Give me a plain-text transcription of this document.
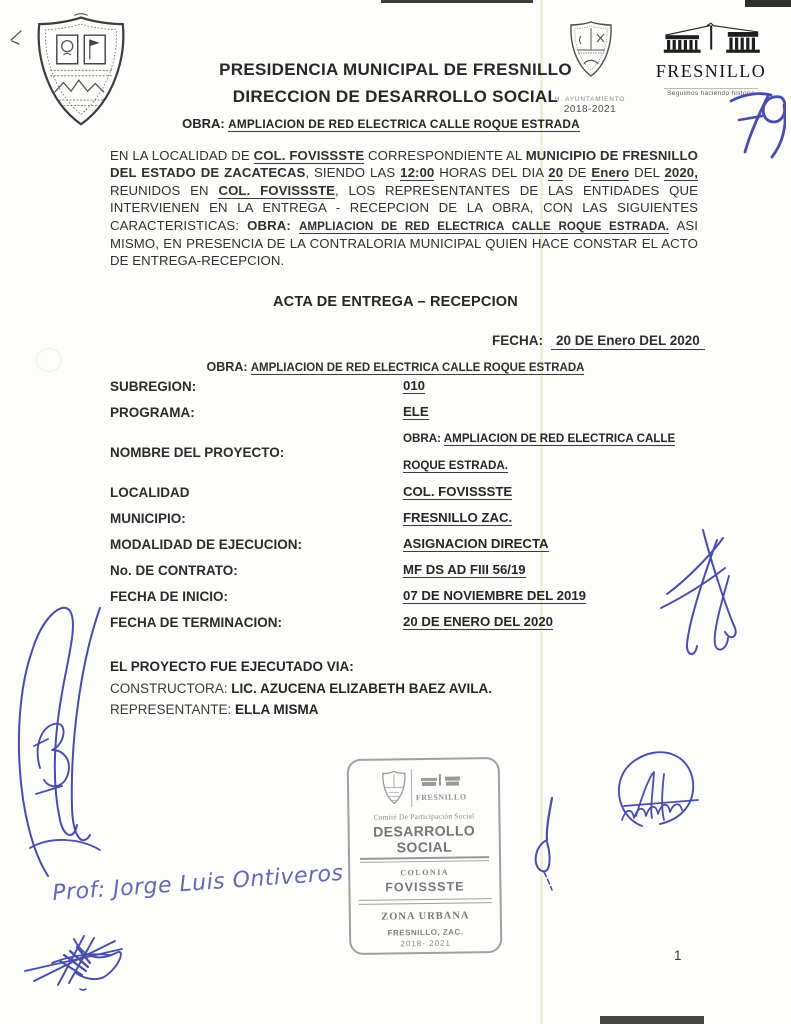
PRESIDENCIA MUNICIPAL DE FRESNILLO
DIRECCION DE DESARROLLO SOCIAL
OBRA: AMPLIACION DE RED ELECTRICA CALLE ROQUE ESTRADA
H. AYUNTAMIENTO
2018-2021
FRESNILLO
Seguimos haciendo historia

EN LA LOCALIDAD DE COL. FOVISSSTE CORRESPONDIENTE AL MUNICIPIO DE FRESNILLO DEL ESTADO DE ZACATECAS, SIENDO LAS 12:00 HORAS DEL DIA 20 DE Enero DEL 2020, REUNIDOS EN COL. FOVISSSTE, LOS REPRESENTANTES DE LAS ENTIDADES QUE INTERVIENEN EN LA ENTREGA - RECEPCION DE LA OBRA, CON LAS SIGUIENTES CARACTERISTICAS: OBRA: AMPLIACION DE RED ELECTRICA CALLE ROQUE ESTRADA. ASI MISMO, EN PRESENCIA DE LA CONTRALORIA MUNICIPAL QUIEN HACE CONSTAR EL ACTO DE ENTREGA-RECEPCION.

ACTA DE ENTREGA – RECEPCION
FECHA: 20 DE Enero DEL 2020
OBRA: AMPLIACION DE RED ELECTRICA CALLE ROQUE ESTRADA
SUBREGION:	010
PROGRAMA:	ELE
NOMBRE DEL PROYECTO:
OBRA: AMPLIACION DE RED ELECTRICA CALLE
ROQUE ESTRADA.
LOCALIDAD	COL. FOVISSSTE
MUNICIPIO:	FRESNILLO ZAC.
MODALIDAD DE EJECUCION:	ASIGNACION DIRECTA
No. DE CONTRATO:	MF DS AD FIII 56/19
FECHA DE INICIO:	07 DE NOVIEMBRE DEL 2019
FECHA DE TERMINACION:	20 DE ENERO DEL 2020
EL PROYECTO FUE EJECUTADO VIA:
CONSTRUCTORA: LIC. AZUCENA ELIZABETH BAEZ AVILA.
REPRESENTANTE: ELLA MISMA
FRESNILLO
Comité De Participación Social
DESARROLLO SOCIAL
COLONIA
FOVISSSTE
ZONA URBANA
FRESNILLO, ZAC.
2018- 2021
Prof: Jorge Luis Ontiveros
1
